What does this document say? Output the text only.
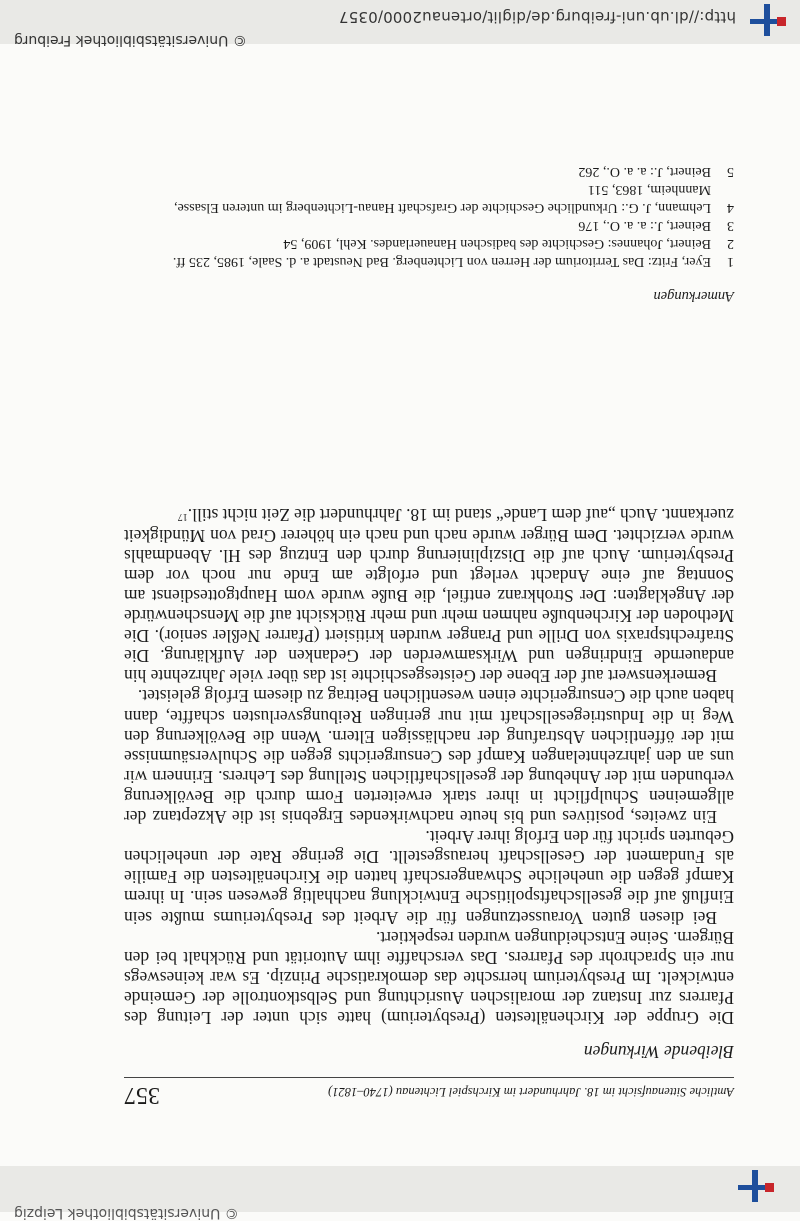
© Universitätsbibliothek Leipzig
Amtliche Sittenaufsicht im 18. Jahrhundert im Kirchspiel Lichtenau (1740–1821)
357
Bleibende Wirkungen

Die Gruppe der Kirchenältesten (Presbyterium) hatte sich unter der Leitung des Pfarrers zur Instanz der moralischen Ausrichtung und Selbstkontrolle der Gemeinde entwickelt. Im Presbyterium herrschte das demokratische Prinzip. Es war keineswegs nur ein Sprachrohr des Pfarrers. Das verschaffte ihm Autorität und Rückhalt bei den Bürgern. Seine Entscheidungen wurden respektiert.

Bei diesen guten Voraussetzungen für die Arbeit des Presbyteriums mußte sein Einfluß auf die gesellschaftspolitische Entwicklung nachhaltig gewesen sein. In ihrem Kampf gegen die uneheliche Schwangerschaft hatten die Kirchenältesten die Familie als Fundament der Gesellschaft herausgestellt. Die geringe Rate der unehelichen Geburten spricht für den Erfolg ihrer Arbeit.

Ein zweites, positives und bis heute nachwirkendes Ergebnis ist die Akzeptanz der allgemeinen Schulpflicht in ihrer stark erweiterten Form durch die Bevölkerung verbunden mit der Anhebung der gesellschaftlichen Stellung des Lehrers. Erinnern wir uns an den jahrzehntelangen Kampf des Censurgerichts gegen die Schulversäumnisse mit der öffentlichen Abstrafung der nachlässigen Eltern. Wenn die Bevölkerung den Weg in die Industriegesellschaft mit nur geringen Reibungsverlusten schaffte, dann haben auch die Censurgerichte einen wesentlichen Beitrag zu diesem Erfolg geleistet.

Bemerkenswert auf der Ebene der Geistesgeschichte ist das über viele Jahrzehnte hin andauernde Eindringen und Wirksamwerden der Gedanken der Aufklärung. Die Strafrechtspraxis von Drille und Pranger wurden kritisiert (Pfarrer Neßler senior). Die Methoden der Kirchenbuße nahmen mehr und mehr Rücksicht auf die Menschenwürde der Angeklagten: Der Strohkranz entfiel, die Buße wurde vom Hauptgottesdienst am Sonntag auf eine Andacht verlegt und erfolgte am Ende nur noch vor dem Presbyterium. Auch auf die Disziplinierung durch den Entzug des Hl. Abendmahls wurde verzichtet. Dem Bürger wurde nach und nach ein höherer Grad von Mündigkeit zuerkannt. Auch „auf dem Lande“ stand im 18. Jahrhundert die Zeit nicht still.$^{17}$

Anmerkungen

1
Eyer, Fritz: Das Territorium der Herren von Lichtenberg. Bad Neustadt a. d. Saale, 1985, 235 ff.

2
Beinert, Johannes: Geschichte des badischen Hanauerlandes. Kehl, 1909, 54

3
Beinert, J.: a. a. O., 176

4
Lehmann, J. G.: Urkundliche Geschichte der Grafschaft Hanau-Lichtenberg im unteren Elsasse, Mannheim, 1863, 511

5
Beinert, J.: a. a. O., 262

© Universitätsbibliothek Freiburg
http://dl.ub.uni-freiburg.de/diglit/ortenau2000/0357
